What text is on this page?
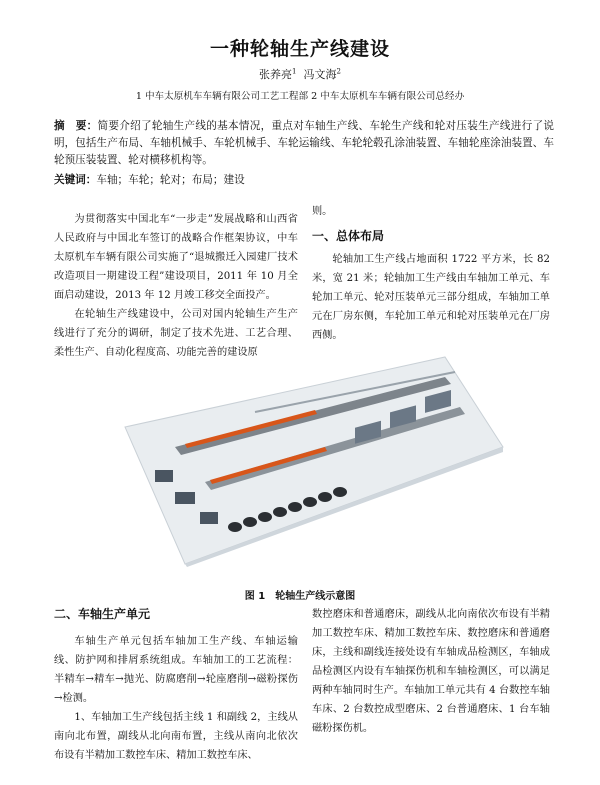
一种轮轴生产线建设
张养亮$^1$ 冯文海$^2$
1 中车太原机车车辆有限公司工艺工程部 2 中车太原机车车辆有限公司总经办
摘　要：简要介绍了轮轴生产线的基本情况，重点对车轴生产线、车轮生产线和轮对压装生产线进行了说明，包括生产布局、车轴机械手、车轮机械手、车轮运输线、车轮轮毂孔涂油装置、车轴轮座涂油装置、车轮预压装装置、轮对横移机构等。
关键词：车轴；车轮；轮对；布局；建设

为贯彻落实中国北车“一步走”发展战略和山西省人民政府与中国北车签订的战略合作框架协议，中车太原机车车辆有限公司实施了“退城搬迁入园建厂技术改造项目一期建设工程”建设项目，2011 年 10 月全面启动建设，2013 年 12 月竣工移交全面投产。

在轮轴生产线建设中，公司对国内轮轴生产生产线进行了充分的调研，制定了技术先进、工艺合理、柔性生产、自动化程度高、功能完善的建设原

则。

一、总体布局

轮轴加工生产线占地面积 1722 平方米，长 82 米，宽 21 米；轮轴加工生产线由车轴加工单元、车轮加工单元、轮对压装单元三部分组成，车轴加工单元在厂房东侧，车轮加工单元和轮对压装单元在厂房西侧。

图 1　轮轴生产线示意图
二、车轴生产单元

车轴生产单元包括车轴加工生产线、车轴运输线、防护网和排屑系统组成。车轴加工的工艺流程：半精车→精车→抛光、防腐磨削→轮座磨削→磁粉探伤→检测。

1、车轴加工生产线包括主线 1 和副线 2，主线从南向北布置，副线从北向南布置，主线从南向北依次布设有半精加工数控车床、精加工数控车床、

数控磨床和普通磨床，副线从北向南依次布设有半精加工数控车床、精加工数控车床、数控磨床和普通磨床，主线和副线连接处设有车轴成品检测区，车轴成品检测区内设有车轴探伤机和车轴检测区，可以满足两种车轴同时生产。车轴加工单元共有 4 台数控车轴车床、2 台数控成型磨床、2 台普通磨床、1 台车轴磁粉探伤机。
